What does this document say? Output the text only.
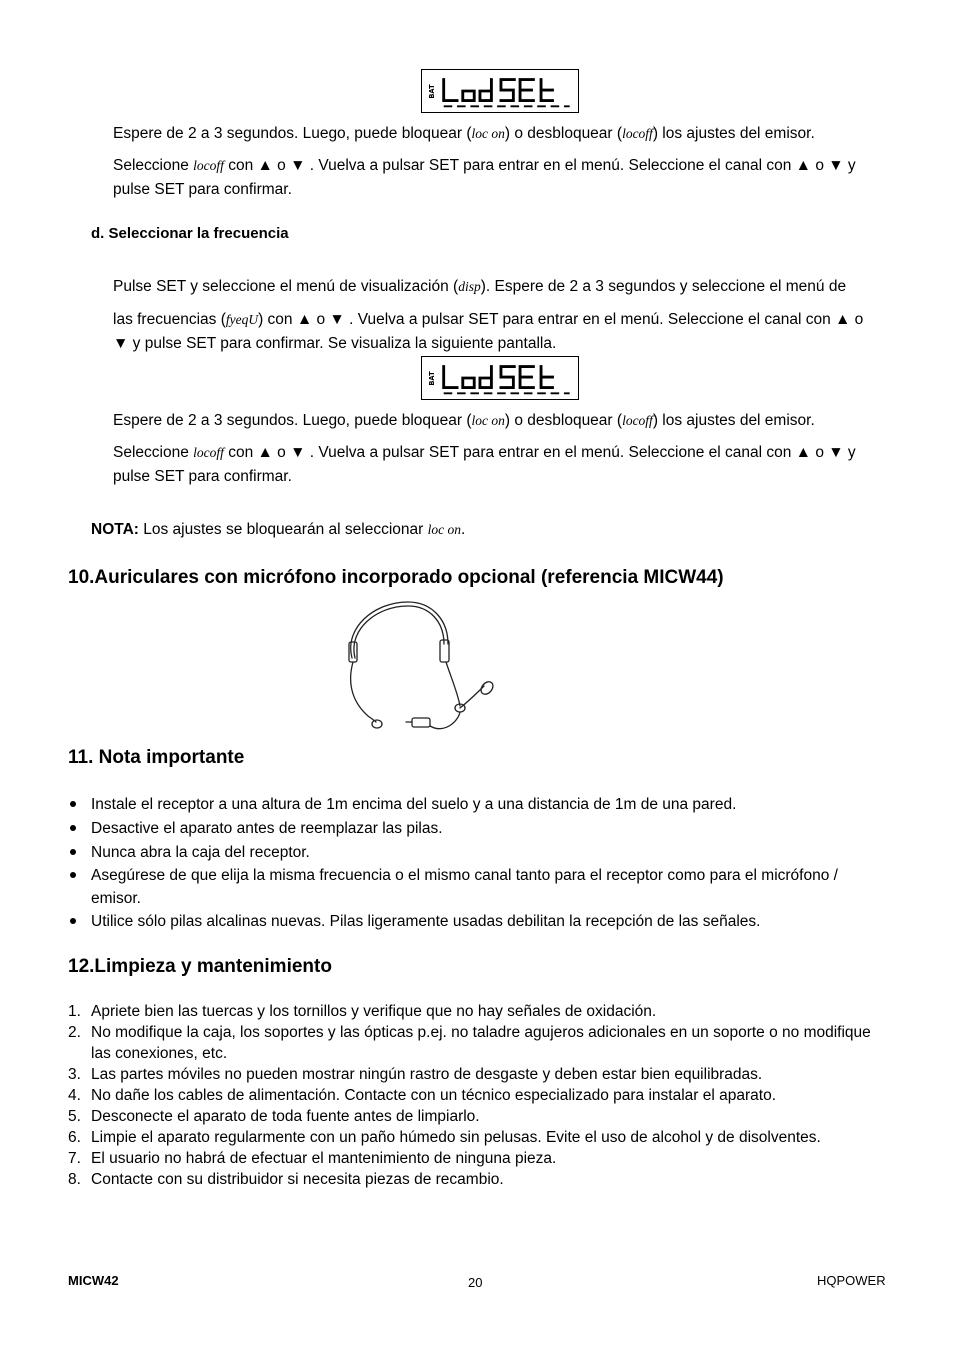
BAT
Espere de 2 a 3 segundos. Luego, puede bloquear (loc on) o desbloquear (locoff) los ajustes del emisor.
Seleccione locoff con ▲ o ▼ . Vuelva a pulsar SET para entrar en el menú. Seleccione el canal con ▲ o ▼ y
pulse SET para confirmar.
d. Seleccionar la frecuencia
Pulse SET y seleccione el menú de visualización (disp). Espere de 2 a 3 segundos y seleccione el menú de
las frecuencias (fyeqU) con ▲ o ▼ . Vuelva a pulsar SET para entrar en el menú. Seleccione el canal con ▲ o
▼ y pulse SET para confirmar. Se visualiza la siguiente pantalla.
BAT
Espere de 2 a 3 segundos. Luego, puede bloquear (loc on) o desbloquear (locoff) los ajustes del emisor.
Seleccione locoff con ▲ o ▼ . Vuelva a pulsar SET para entrar en el menú. Seleccione el canal con ▲ o ▼ y
pulse SET para confirmar.
NOTA: Los ajustes se bloquearán al seleccionar loc on.
10.Auriculares con micrófono incorporado opcional (referencia MICW44)
11. Nota importante
Instale el receptor a una altura de 1m encima del suelo y a una distancia de 1m de una pared.
Desactive el aparato antes de reemplazar las pilas.
Nunca abra la caja del receptor.
Asegúrese de que elija la misma frecuencia o el mismo canal tanto para el receptor como para el micrófono /
emisor.
Utilice sólo pilas alcalinas nuevas. Pilas ligeramente usadas debilitan la recepción de las señales.
12.Limpieza y mantenimiento
1. Apriete bien las tuercas y los tornillos y verifique que no hay señales de oxidación.
2. No modifique la caja, los soportes y las ópticas p.ej. no taladre agujeros adicionales en un soporte o no modifique
las conexiones, etc.
3. Las partes móviles no pueden mostrar ningún rastro de desgaste y deben estar bien equilibradas.
4. No dañe los cables de alimentación. Contacte con un técnico especializado para instalar el aparato.
5. Desconecte el aparato de toda fuente antes de limpiarlo.
6. Limpie el aparato regularmente con un paño húmedo sin pelusas. Evite el uso de alcohol y de disolventes.
7. El usuario no habrá de efectuar el mantenimiento de ninguna pieza.
8. Contacte con su distribuidor si necesita piezas de recambio.
MICW42	20	HQPOWER
